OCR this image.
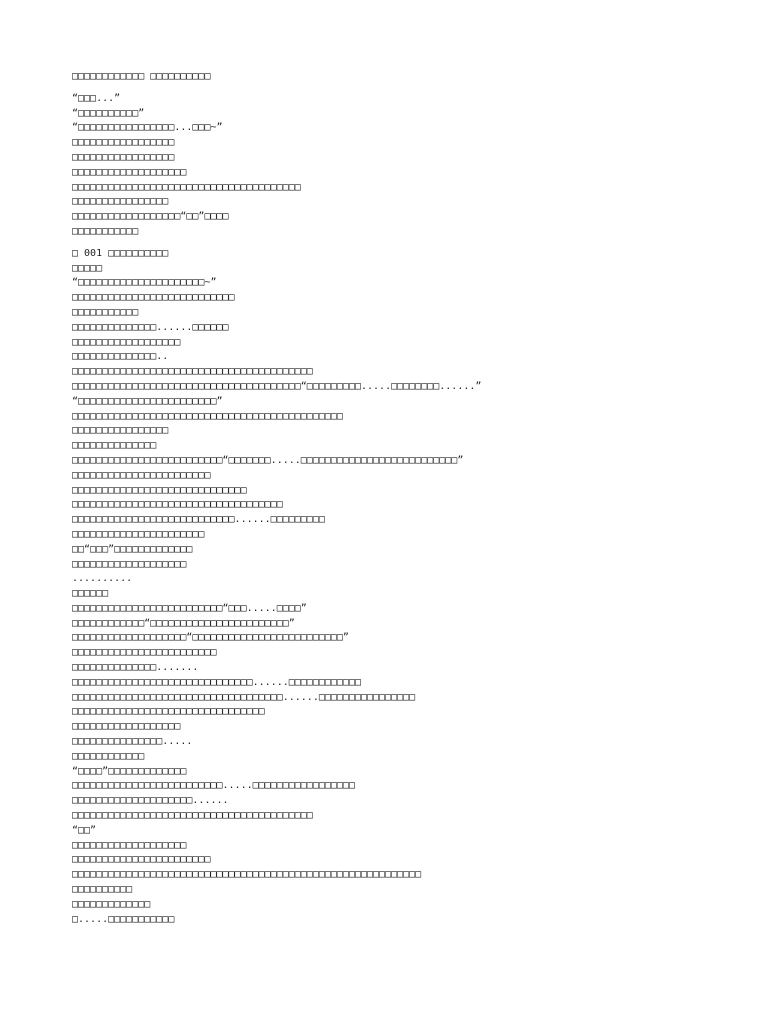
□□□□□□□□□□□□ □□□□□□□□□□
“□□□...”
“□□□□□□□□□□”
“□□□□□□□□□□□□□□□□...□□□~”
□□□□□□□□□□□□□□□□□
□□□□□□□□□□□□□□□□□
□□□□□□□□□□□□□□□□□□□
□□□□□□□□□□□□□□□□□□□□□□□□□□□□□□□□□□□□□□
□□□□□□□□□□□□□□□□
□□□□□□□□□□□□□□□□□□“□□”□□□□
□□□□□□□□□□□
□ 001 □□□□□□□□□□
□□□□□
“□□□□□□□□□□□□□□□□□□□□□~”
□□□□□□□□□□□□□□□□□□□□□□□□□□□
□□□□□□□□□□□
□□□□□□□□□□□□□□......□□□□□□
□□□□□□□□□□□□□□□□□□
□□□□□□□□□□□□□□..
□□□□□□□□□□□□□□□□□□□□□□□□□□□□□□□□□□□□□□□□
□□□□□□□□□□□□□□□□□□□□□□□□□□□□□□□□□□□□□□“□□□□□□□□□.....□□□□□□□□......”
“□□□□□□□□□□□□□□□□□□□□□□□”
□□□□□□□□□□□□□□□□□□□□□□□□□□□□□□□□□□□□□□□□□□□□□
□□□□□□□□□□□□□□□□
□□□□□□□□□□□□□□
□□□□□□□□□□□□□□□□□□□□□□□□□“□□□□□□□.....□□□□□□□□□□□□□□□□□□□□□□□□□□”
□□□□□□□□□□□□□□□□□□□□□□□
□□□□□□□□□□□□□□□□□□□□□□□□□□□□□
□□□□□□□□□□□□□□□□□□□□□□□□□□□□□□□□□□□
□□□□□□□□□□□□□□□□□□□□□□□□□□□......□□□□□□□□□
□□□□□□□□□□□□□□□□□□□□□□
□□“□□□”□□□□□□□□□□□□□
□□□□□□□□□□□□□□□□□□□
..........
□□□□□□
□□□□□□□□□□□□□□□□□□□□□□□□□“□□□.....□□□□”
□□□□□□□□□□□□“□□□□□□□□□□□□□□□□□□□□□□□”
□□□□□□□□□□□□□□□□□□□“□□□□□□□□□□□□□□□□□□□□□□□□□”
□□□□□□□□□□□□□□□□□□□□□□□□
□□□□□□□□□□□□□□.......
□□□□□□□□□□□□□□□□□□□□□□□□□□□□□□......□□□□□□□□□□□□
□□□□□□□□□□□□□□□□□□□□□□□□□□□□□□□□□□□......□□□□□□□□□□□□□□□□
□□□□□□□□□□□□□□□□□□□□□□□□□□□□□□□□
□□□□□□□□□□□□□□□□□□
□□□□□□□□□□□□□□□.....
□□□□□□□□□□□□
“□□□□”□□□□□□□□□□□□□
□□□□□□□□□□□□□□□□□□□□□□□□□.....□□□□□□□□□□□□□□□□□
□□□□□□□□□□□□□□□□□□□□......
□□□□□□□□□□□□□□□□□□□□□□□□□□□□□□□□□□□□□□□□
“□□”
□□□□□□□□□□□□□□□□□□□
□□□□□□□□□□□□□□□□□□□□□□□
□□□□□□□□□□□□□□□□□□□□□□□□□□□□□□□□□□□□□□□□□□□□□□□□□□□□□□□□□□
□□□□□□□□□□
□□□□□□□□□□□□□
□.....□□□□□□□□□□□
